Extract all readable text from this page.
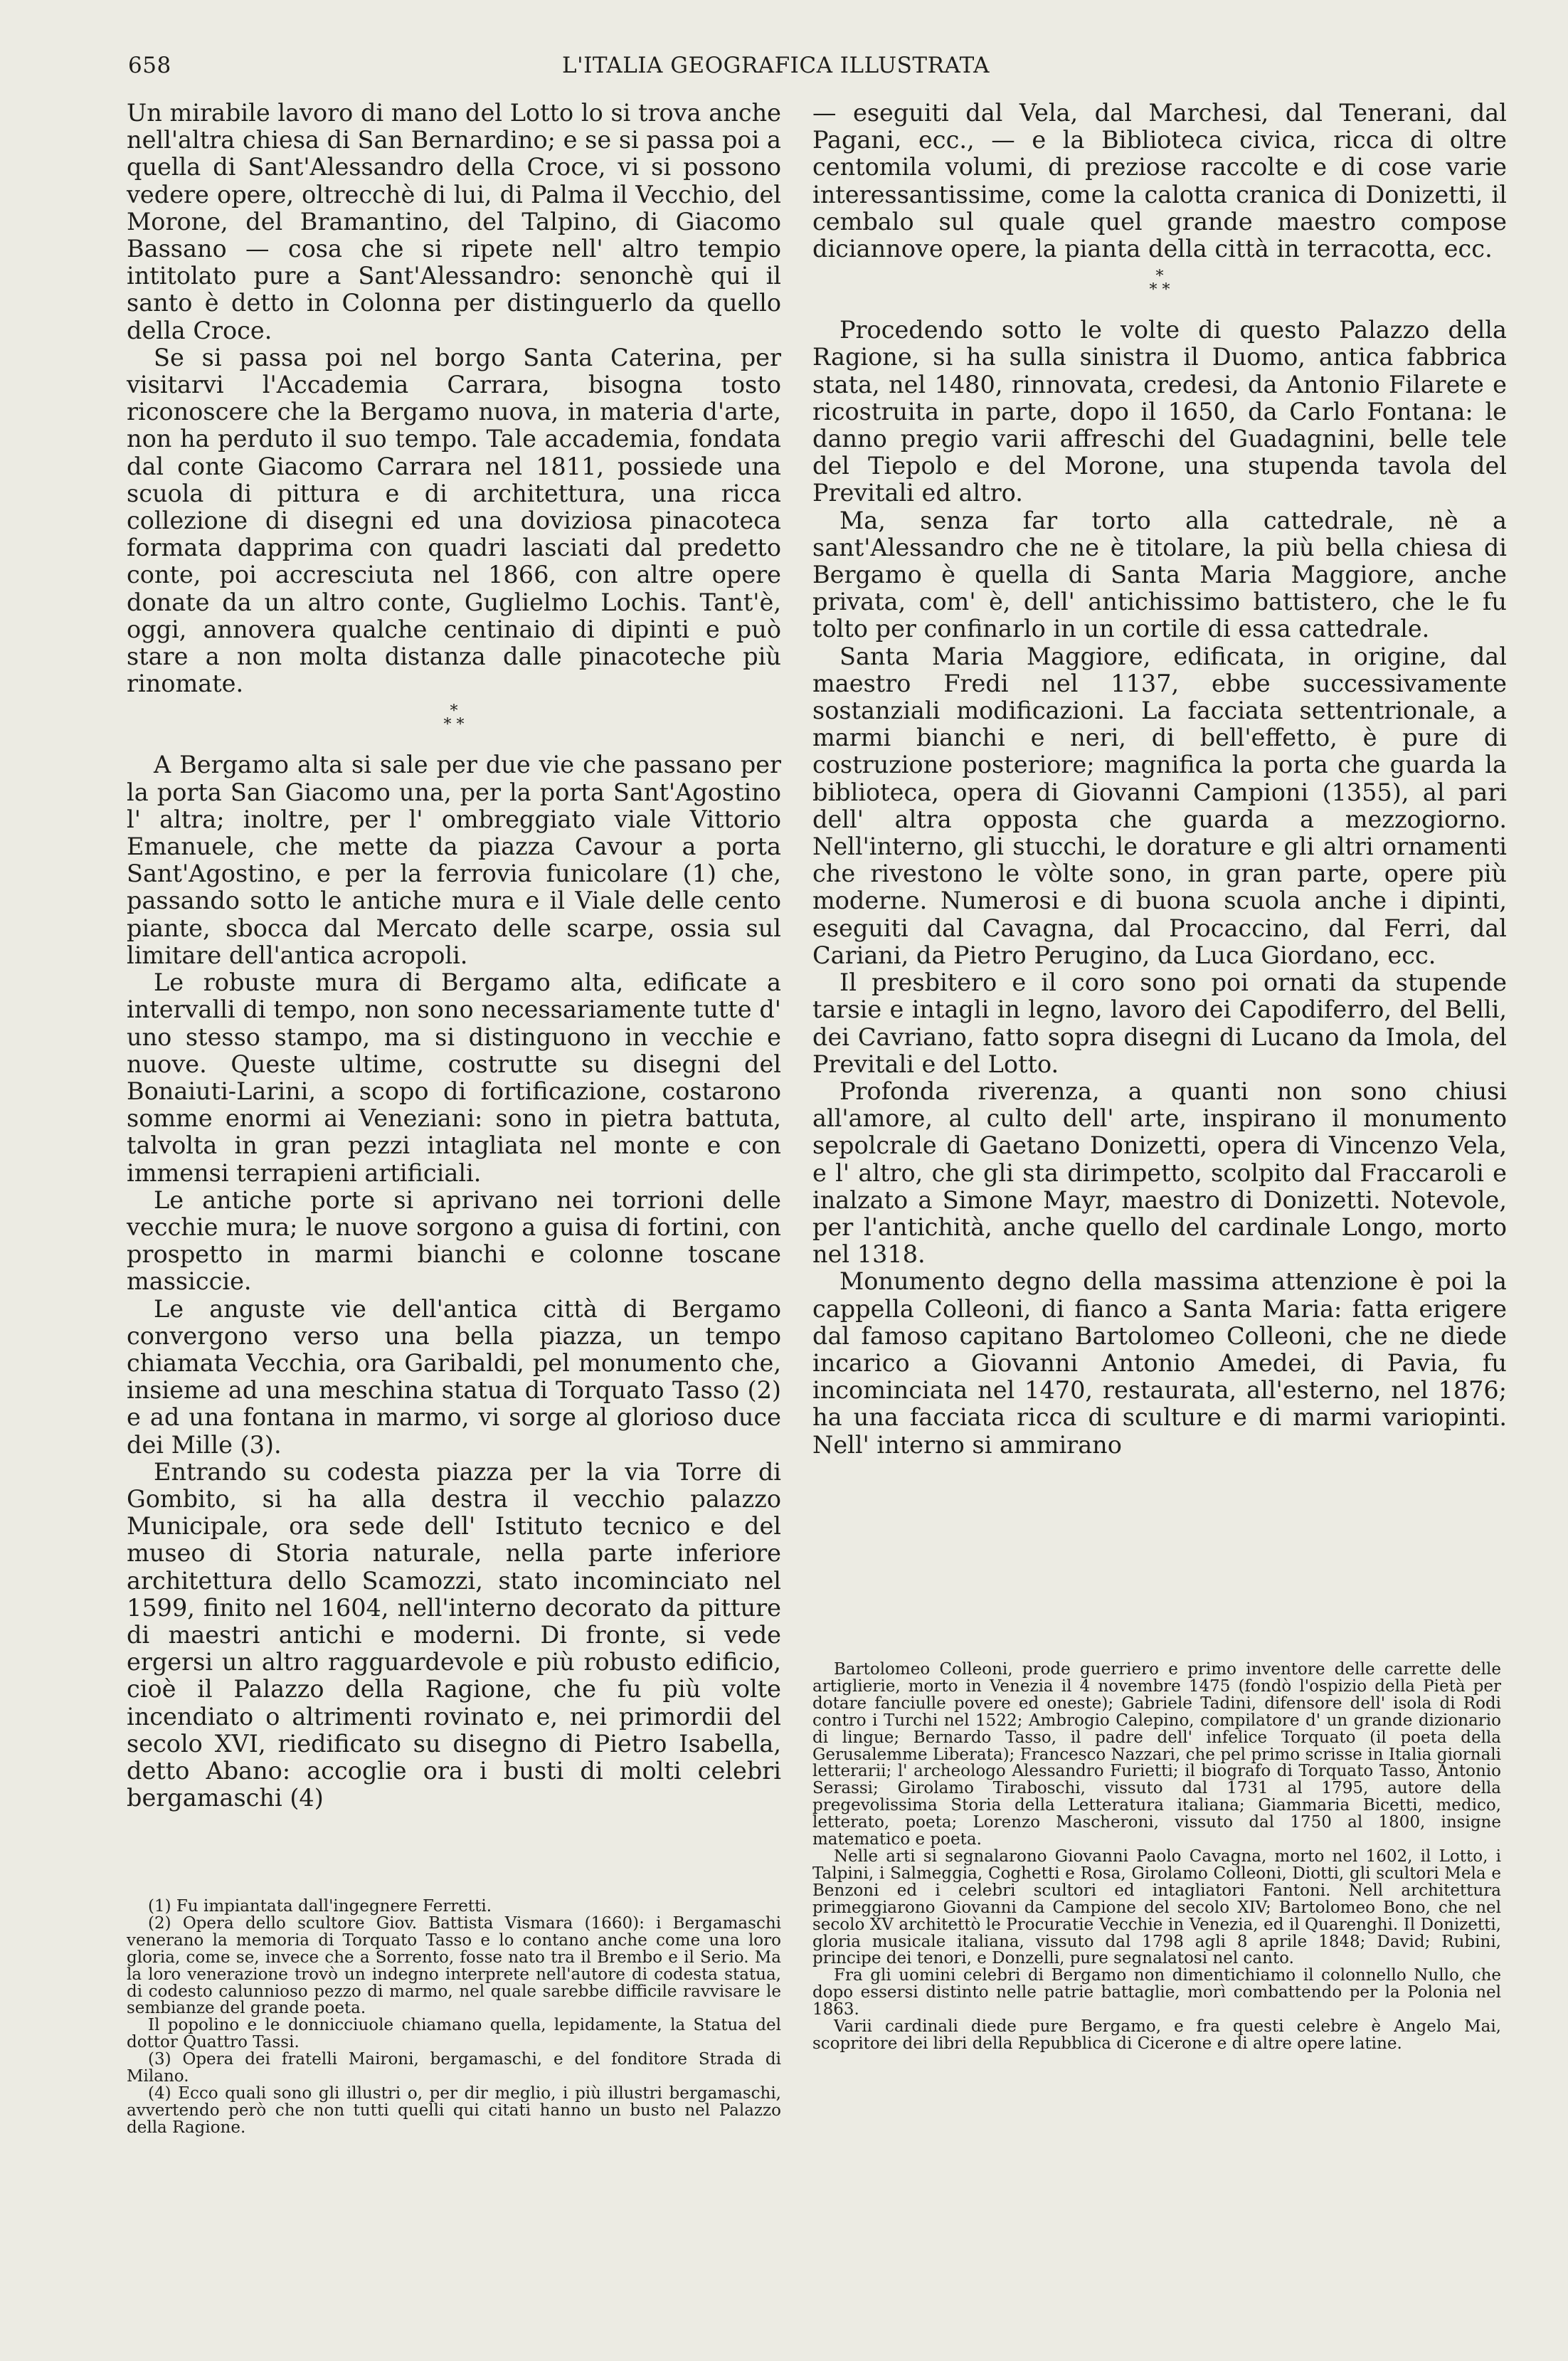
658	L'ITALIA GEOGRAFICA ILLUSTRATA

Un mirabile lavoro di mano del Lotto lo si trova anche nell'altra chiesa di San Bernardino; e se si passa poi a quella di Sant'Alessandro della Croce, vi si possono vedere opere, oltrecchè di lui, di Palma il Vecchio, del Morone, del Bramantino, del Talpino, di Giacomo Bassano — cosa che si ripete nell' altro tempio intitolato pure a Sant'Alessandro: senonchè qui il santo è detto in Colonna per distinguerlo da quello della Croce.

Se si passa poi nel borgo Santa Caterina, per visitarvi l'Accademia Carrara, bisogna tosto riconoscere che la Bergamo nuova, in materia d'arte, non ha perduto il suo tempo. Tale accademia, fondata dal conte Giacomo Carrara nel 1811, possiede una scuola di pittura e di architettura, una ricca collezione di disegni ed una doviziosa pinacoteca formata dapprima con quadri lasciati dal predetto conte, poi accresciuta nel 1866, con altre opere donate da un altro conte, Guglielmo Lochis. Tant'è, oggi, annovera qualche centinaio di dipinti e può stare a non molta distanza dalle pinacoteche più rinomate.

*
* *

A Bergamo alta si sale per due vie che passano per la porta San Giacomo una, per la porta Sant'Agostino l' altra; inoltre, per l' ombreggiato viale Vittorio Emanuele, che mette da piazza Cavour a porta Sant'Agostino, e per la ferrovia funicolare (1) che, passando sotto le antiche mura e il Viale delle cento piante, sbocca dal Mercato delle scarpe, ossia sul limitare dell'antica acropoli.

Le robuste mura di Bergamo alta, edificate a intervalli di tempo, non sono necessariamente tutte d' uno stesso stampo, ma si distinguono in vecchie e nuove. Queste ultime, costrutte su disegni del Bonaiuti-Larini, a scopo di fortificazione, costarono somme enormi ai Veneziani: sono in pietra battuta, talvolta in gran pezzi intagliata nel monte e con immensi terrapieni artificiali.

Le antiche porte si aprivano nei torrioni delle vecchie mura; le nuove sorgono a guisa di fortini, con prospetto in marmi bianchi e colonne toscane massiccie.

Le anguste vie dell'antica città di Bergamo convergono verso una bella piazza, un tempo chiamata Vecchia, ora Garibaldi, pel monumento che, insieme ad una meschina statua di Torquato Tasso (2) e ad una fontana in marmo, vi sorge al glorioso duce dei Mille (3).

Entrando su codesta piazza per la via Torre di Gombito, si ha alla destra il vecchio palazzo Municipale, ora sede dell' Istituto tecnico e del museo di Storia naturale, nella parte inferiore architettura dello Scamozzi, stato incominciato nel 1599, finito nel 1604, nell'interno decorato da pitture di maestri antichi e moderni. Di fronte, si vede ergersi un altro ragguardevole e più robusto edificio, cioè il Palazzo della Ragione, che fu più volte incendiato o altrimenti rovinato e, nei primordii del secolo XVI, riedificato su disegno di Pietro Isabella, detto Abano: accoglie ora i busti di molti celebri bergamaschi (4)

(1) Fu impiantata dall'ingegnere Ferretti.

(2) Opera dello scultore Giov. Battista Vismara (1660): i Bergamaschi venerano la memoria di Torquato Tasso e lo contano anche come una loro gloria, come se, invece che a Sorrento, fosse nato tra il Brembo e il Serio. Ma la loro venerazione trovò un indegno interprete nell'autore di codesta statua, di codesto calunnioso pezzo di marmo, nel quale sarebbe difficile ravvisare le sembianze del grande poeta.

Il popolino e le donnicciuole chiamano quella, lepidamente, la Statua del dottor Quattro Tassi.

(3) Opera dei fratelli Maironi, bergamaschi, e del fonditore Strada di Milano.

(4) Ecco quali sono gli illustri o, per dir meglio, i più illustri bergamaschi, avvertendo però che non tutti quelli qui citati hanno un busto nel Palazzo della Ragione.

— eseguiti dal Vela, dal Marchesi, dal Tenerani, dal Pagani, ecc., — e la Biblioteca civica, ricca di oltre centomila volumi, di preziose raccolte e di cose varie interessantissime, come la calotta cranica di Donizetti, il cembalo sul quale quel grande maestro compose diciannove opere, la pianta della città in terracotta, ecc.

*
* *

Procedendo sotto le volte di questo Palazzo della Ragione, si ha sulla sinistra il Duomo, antica fabbrica stata, nel 1480, rinnovata, credesi, da Antonio Filarete e ricostruita in parte, dopo il 1650, da Carlo Fontana: le danno pregio varii affreschi del Guadagnini, belle tele del Tiepolo e del Morone, una stupenda tavola del Previtali ed altro.

Ma, senza far torto alla cattedrale, nè a sant'Alessandro che ne è titolare, la più bella chiesa di Bergamo è quella di Santa Maria Maggiore, anche privata, com' è, dell' antichissimo battistero, che le fu tolto per confinarlo in un cortile di essa cattedrale.

Santa Maria Maggiore, edificata, in origine, dal maestro Fredi nel 1137, ebbe successivamente sostanziali modificazioni. La facciata settentrionale, a marmi bianchi e neri, di bell'effetto, è pure di costruzione posteriore; magnifica la porta che guarda la biblioteca, opera di Giovanni Campioni (1355), al pari dell' altra opposta che guarda a mezzogiorno. Nell'interno, gli stucchi, le dorature e gli altri ornamenti che rivestono le vòlte sono, in gran parte, opere più moderne. Numerosi e di buona scuola anche i dipinti, eseguiti dal Cavagna, dal Procaccino, dal Ferri, dal Cariani, da Pietro Perugino, da Luca Giordano, ecc.

Il presbitero e il coro sono poi ornati da stupende tarsie e intagli in legno, lavoro dei Capodiferro, del Belli, dei Cavriano, fatto sopra disegni di Lucano da Imola, del Previtali e del Lotto.

Profonda riverenza, a quanti non sono chiusi all'amore, al culto dell' arte, inspirano il monumento sepolcrale di Gaetano Donizetti, opera di Vincenzo Vela, e l' altro, che gli sta dirimpetto, scolpito dal Fraccaroli e inalzato a Simone Mayr, maestro di Donizetti. Notevole, per l'antichità, anche quello del cardinale Longo, morto nel 1318.

Monumento degno della massima attenzione è poi la cappella Colleoni, di fianco a Santa Maria: fatta erigere dal famoso capitano Bartolomeo Colleoni, che ne diede incarico a Giovanni Antonio Amedei, di Pavia, fu incominciata nel 1470, restaurata, all'esterno, nel 1876; ha una facciata ricca di sculture e di marmi variopinti. Nell' interno si ammirano

Bartolomeo Colleoni, prode guerriero e primo inventore delle carrette delle artiglierie, morto in Venezia il 4 novembre 1475 (fondò l'ospizio della Pietà per dotare fanciulle povere ed oneste); Gabriele Tadini, difensore dell' isola di Rodi contro i Turchi nel 1522; Ambrogio Calepino, compilatore d' un grande dizionario di lingue; Bernardo Tasso, il padre dell' infelice Torquato (il poeta della Gerusalemme Liberata); Francesco Nazzari, che pel primo scrisse in Italia giornali letterarii; l' archeologo Alessandro Furietti; il biografo di Torquato Tasso, Antonio Serassi; Girolamo Tiraboschi, vissuto dal 1731 al 1795, autore della pregevolissima Storia della Letteratura italiana; Giammaria Bicetti, medico, letterato, poeta; Lorenzo Mascheroni, vissuto dal 1750 al 1800, insigne matematico e poeta.

Nelle arti si segnalarono Giovanni Paolo Cavagna, morto nel 1602, il Lotto, i Talpini, i Salmeggia, Coghetti e Rosa, Girolamo Colleoni, Diotti, gli scultori Mela e Benzoni ed i celebri scultori ed intagliatori Fantoni. Nell architettura primeggiarono Giovanni da Campione del secolo XIV; Bartolomeo Bono, che nel secolo XV architettò le Procuratie Vecchie in Venezia, ed il Quarenghi. Il Donizetti, gloria musicale italiana, vissuto dal 1798 agli 8 aprile 1848; David; Rubini, principe dei tenori, e Donzelli, pure segnalatosi nel canto.

Fra gli uomini celebri di Bergamo non dimentichiamo il colonnello Nullo, che dopo essersi distinto nelle patrie battaglie, morì combattendo per la Polonia nel 1863.

Varii cardinali diede pure Bergamo, e fra questi celebre è Angelo Mai, scopritore dei libri della Repubblica di Cicerone e di altre opere latine.
